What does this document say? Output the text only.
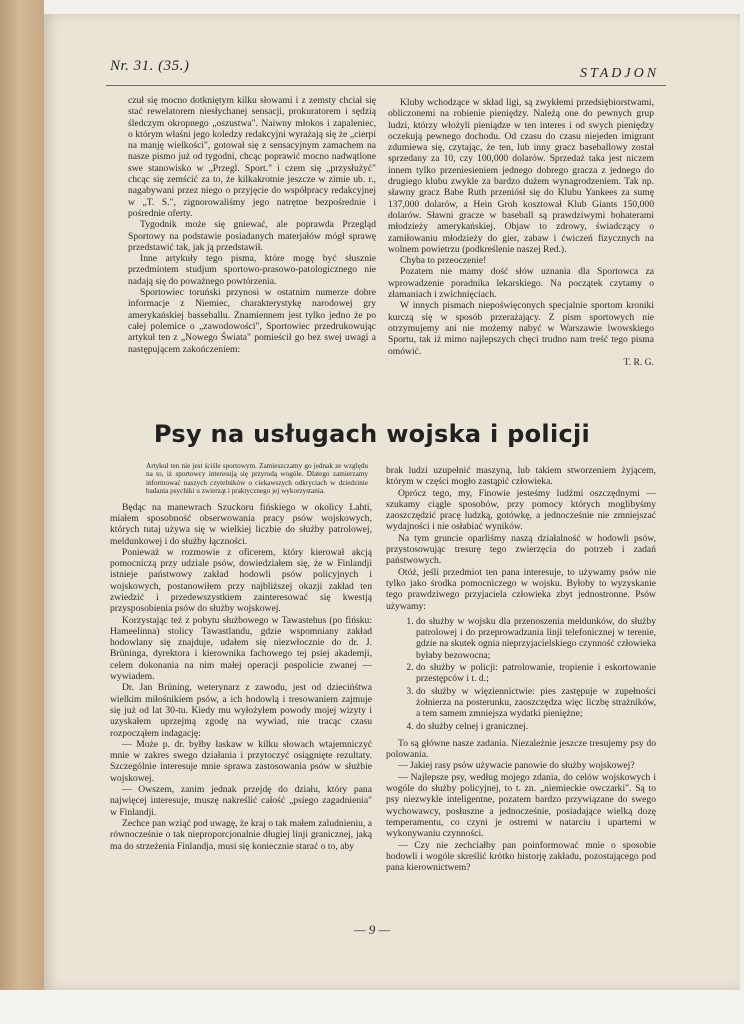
Nr. 31. (35.)	STADJON

czuł się mocno dotkniętym kilku słowami i z zemsty chciał się stać rewelatorem niesłychanej sensacji, prokuratorem i sędzią śledczym okropnego „oszustwa". Naiwny młokos i zapaleniec, o którym właśni jego koledzy redakcyjni wyrażają się że „cierpi na manję wielkości", gotował się z sensacyjnym zamachem na nasze pismo już od tygodni, chcąc poprawić mocno nadwątlone swe stanowisko w „Przegl. Sport." i czem się „przysłużyć" chcąc się zemścić za to, że kilkakrotnie jeszcze w zimie ub. r., nagabywani przez niego o przyjęcie do współpracy redakcyjnej w „T. S.", zignorowaliśmy jego natrętne bezpośrednie i pośrednie oferty.

Tygodnik może się gniewać, ale poprawda Przegląd Sportowy na podstawie posiadanych materjałów mógł sprawę przedstawić tak, jak ją przedstawił.

Inne artykuły tego pisma, które mogę być słusznie przedmiotem studjum sportowo-prasowo-patologicznego nie nadają się do poważnego powtórzenia.

Sportowiec toruński przynosi w ostatnim numerze dobre informacje z Niemiec, charakterystykę narodowej gry amerykańskiej basseballu. Znamiennem jest tylko jedno że po całej polemice o „zawodowości", Sportowiec przedrukowując artykuł ten z „Nowego Świata" pomieścił go bez swej uwagi a następującem zakończeniem:

Kluby wchodzące w skład ligi, są zwykłemi przedsiębiorstwami, obliczonemi na robienie pieniędzy. Należą one do pewnych grup ludzi, którzy włożyli pieniądze w ten interes i od swych pieniędzy oczekują pewnego dochodu. Od czasu do czasu niejeden imigrant zdumiewa się, czytając, że ten, lub inny gracz baseballowy został sprzedany za 10, czy 100,000 dolarów. Sprzedaż taka jest niczem innem tylko przeniesieniem jednego dobrego gracza z jednego do drugiego klubu zwykle za bardzo dużem wynagrodzeniem. Tak np. sławny gracz Babe Ruth przeniósł się do Klubu Yankees za sumę 137,000 dolarów, a Hein Groh kosztował Klub Giants 150,000 dolarów. Sławni gracze w baseball są prawdziwymi bohaterami młodzieży amerykańskiej. Objaw to zdrowy, świadczący o zamiłowaniu młodzieży do gier, zabaw i ćwiczeń fizycznych na wolnem powietrzu (podkreślenie naszej Red.).

Chyba to przeoczenie!

Pozatem nie mamy dość słów uznania dla Sportowca za wprowadzenie poradnika lekarskiego. Na początek czytamy o złamaniach i zwichnięciach.

W innych pismach niepoświęconych specjalnie sportom kroniki kurczą się w sposób przerażający. Z pism sportowych nie otrzymujemy ani nie możemy nabyć w Warszawie lwowskiego Sportu, tak iż mimo najlepszych chęci trudno nam treść tego pisma omówić.

T. R. G.

Psy na usługach wojska i policji

Artykuł ten nie jest ściśle sportowym. Zamieszczamy go jednak ze względu na to, iż sportowcy interesują się przyrodą wogóle. Dlatego zamierzamy informować naszych czytelników o ciekawszych odkryciach w dziedzinie badania psychiki u zwierząt i praktycznego jej wykorzystania.

Będąc na manewrach Szuckoru fińskiego w okolicy Lahti, miałem sposobność obserwowania pracy psów wojskowych, których tutaj używa się w wielkiej liczbie do służby patrolowej, meldunkowej i do służby łączności.

Ponieważ w rozmowie z oficerem, który kierował akcją pomocniczą przy udziale psów, dowiedziałem się, że w Finlandji istnieje państwowy zakład hodowli psów policyjnych i wojskowych, postanowiłem przy najbliższej okazji zakład ten zwiedzić i przedewszystkiem zainteresować się kwestją przysposobienia psów do służby wojskowej.

Korzystając też z pobytu służbowego w Tawastehus (po fińsku: Hameelinna) stolicy Tawastlandu, gdzie wspomniany zakład hodowlany się znajduje, udałem się niezwłocznie do dr. J. Brüninga, dyrektora i kierownika fachowego tej psiej akademji, celem dokonania na nim małej operacji pospolicie zwanej — wywiadem.

Dr. Jan Brüning, weterynarz z zawodu, jest od dziecińśtwa wielkim miłośnikiem psów, a ich hodowlą i tresowaniem zajmuje się już od lat 30-tu. Kiedy mu wyłożyłem powody mojej wizyty i uzyskałem uprzejmą zgodę na wywiad, nie tracąc czasu rozpocząłem indagację:

— Może p. dr. byłby łaskaw w kilku słowach wtajemniczyć mnie w zakres swego działania i przytoczyć osiągnięte rezultaty. Szczególnie interesuje mnie sprawa zastosowania psów w służbie wojskowej.

— Owszem, zanim jednak przejdę do działu, który pana najwięcej interesuje, muszę nakreślić całość „psiego zagadnienia" w Finlandji.

Zechce pan wziąć pod uwagę, że kraj o tak małem zaludnieniu, a równocześnie o tak nieproporcjonalnie długiej linji granicznej, jaką ma do strzeżenia Finlandja, musi się koniecznie starać o to, aby

brak ludzi uzupełnić maszyną, lub takiem stworzeniem żyjącem, którym w części mogło zastąpić człowieka.

Oprócz tego, my, Finowie jesteśmy ludźmi oszczędnymi — szukamy ciągle sposobów, przy pomocy których moglibyśmy zaoszczędzić pracę ludzką, gotówkę, a jednocześnie nie zmniejszać wydajności i nie osłabiać wyników.

Na tym gruncie oparliśmy naszą działalność w hodowli psów, przystosowując tresurę tego zwierzęcia do potrzeb i zadań państwowych.

Otóż, jeśli przedmiot ten pana interesuje, to używamy psów nie tylko jako środka pomocniczego w wojsku. Byłoby to wyzyskanie tego prawdziwego przyjaciela człowieka zbyt jednostronne. Psów używamy:

1. do służby w wojsku dla przenoszenia meldunków, do służby patrolowej i do przeprowadzania linji telefonicznej w terenie, gdzie na skutek ognia nieprzyjacielskiego czynność człowieka byłaby bezowocna;
2. do służby w policji: patrolowanie, tropienie i eskortowanie przestępców i t. d.;
3. do służby w więziennictwie: pies zastępuje w zupełności żołnierza na posterunku, zaoszczędza więc liczbę strażników, a tem samem zmniejsza wydatki pieniężne;
4. do służby celnej i granicznej.

To są główne nasze zadania. Niezależnie jeszcze tresujemy psy do polowania.

— Jakiej rasy psów używacie panowie do służby wojskowej?

— Najlepsze psy, według mojego zdania, do celów wojskowych i wogóle do służby policyjnej, to t. zn. „niemieckie owczarki". Są to psy niezwykle inteligentne, pozatem bardzo przywiązane do swego wychowawcy, posłuszne a jednocześnie, posiadające wielką dozę temperamentu, co czyni je ostremi w natarciu i upartemi w wykonywaniu czynności.

— Czy nie zechciałby pan poinformować mnie o sposobie hodowli i wogóle skreślić krótko historję zakładu, pozostającego pod pana kierownictwem?

— 9 —
